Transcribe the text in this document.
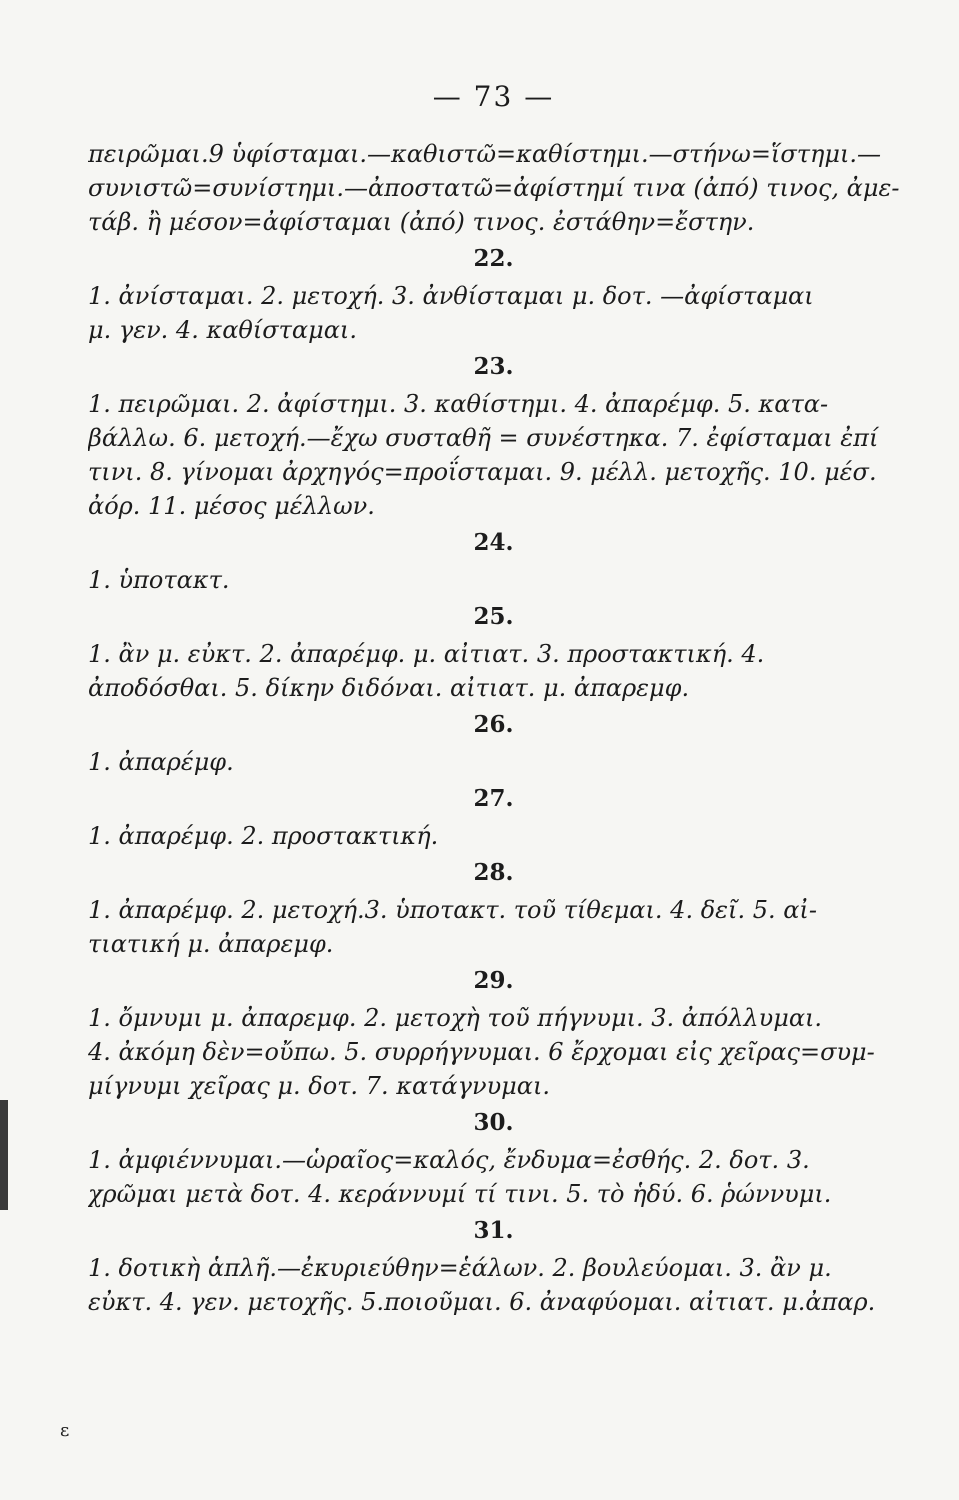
— 73 —
πειρῶμαι.9 ὑφίσταμαι.—καθιστῶ=καθίστημι.—στήνω=ἵστημι.—
συνιστῶ=συνίστημι.—ἀποστατῶ=ἀφίστημί τινα (ἀπό) τινος, ἀμε-
τάβ. ἢ μέσον=ἀφίσταμαι (ἀπό) τινος. ἐστάθην=ἔστην.
22.
1. ἀνίσταμαι. 2. μετοχή. 3. ἀνθίσταμαι μ. δοτ. —ἀφίσταμαι
μ. γεν. 4. καθίσταμαι.
23.
1. πειρῶμαι. 2. ἀφίστημι. 3. καθίστημι. 4. ἀπαρέμφ. 5. κατα-
βάλλω. 6. μετοχή.—ἔχω συσταθῆ = συνέστηκα. 7. ἐφίσταμαι ἐπί
τινι. 8. γίνομαι ἀρχηγός=προΐσταμαι. 9. μέλλ. μετοχῆς. 10. μέσ.
ἀόρ. 11. μέσος μέλλων.
24.
1. ὑποτακτ.
25.
1. ἂν μ. εὐκτ. 2. ἀπαρέμφ. μ. αἰτιατ. 3. προστακτική. 4.
ἀποδόσθαι. 5. δίκην διδόναι. αἰτιατ. μ. ἀπαρεμφ.
26.
1. ἀπαρέμφ.
27.
1. ἀπαρέμφ. 2. προστακτική.
28.
1. ἀπαρέμφ. 2. μετοχή.3. ὑποτακτ. τοῦ τίθεμαι. 4. δεῖ. 5. αἰ-
τιατική μ. ἀπαρεμφ.
29.
1. ὄμνυμι μ. ἀπαρεμφ. 2. μετοχὴ τοῦ πήγνυμι. 3. ἀπόλλυμαι.
4. ἀκόμη δὲν=οὔπω. 5. συρρήγνυμαι. 6 ἔρχομαι εἰς χεῖρας=συμ-
μίγνυμι χεῖρας μ. δοτ. 7. κατάγνυμαι.
30.
1. ἀμφιέννυμαι.—ὡραῖος=καλός, ἔνδυμα=ἐσθής. 2. δοτ. 3.
χρῶμαι μετὰ δοτ. 4. κεράννυμί τί τινι. 5. τὸ ἡδύ. 6. ῥώννυμι.
31.
1. δοτικὴ ἁπλῆ.—ἐκυριεύθην=ἑάλων. 2. βουλεύομαι. 3. ἂν μ.
εὐκτ. 4. γεν. μετοχῆς. 5.ποιοῦμαι. 6. ἀναφύομαι. αἰτιατ. μ.ἀπαρ.
ε
